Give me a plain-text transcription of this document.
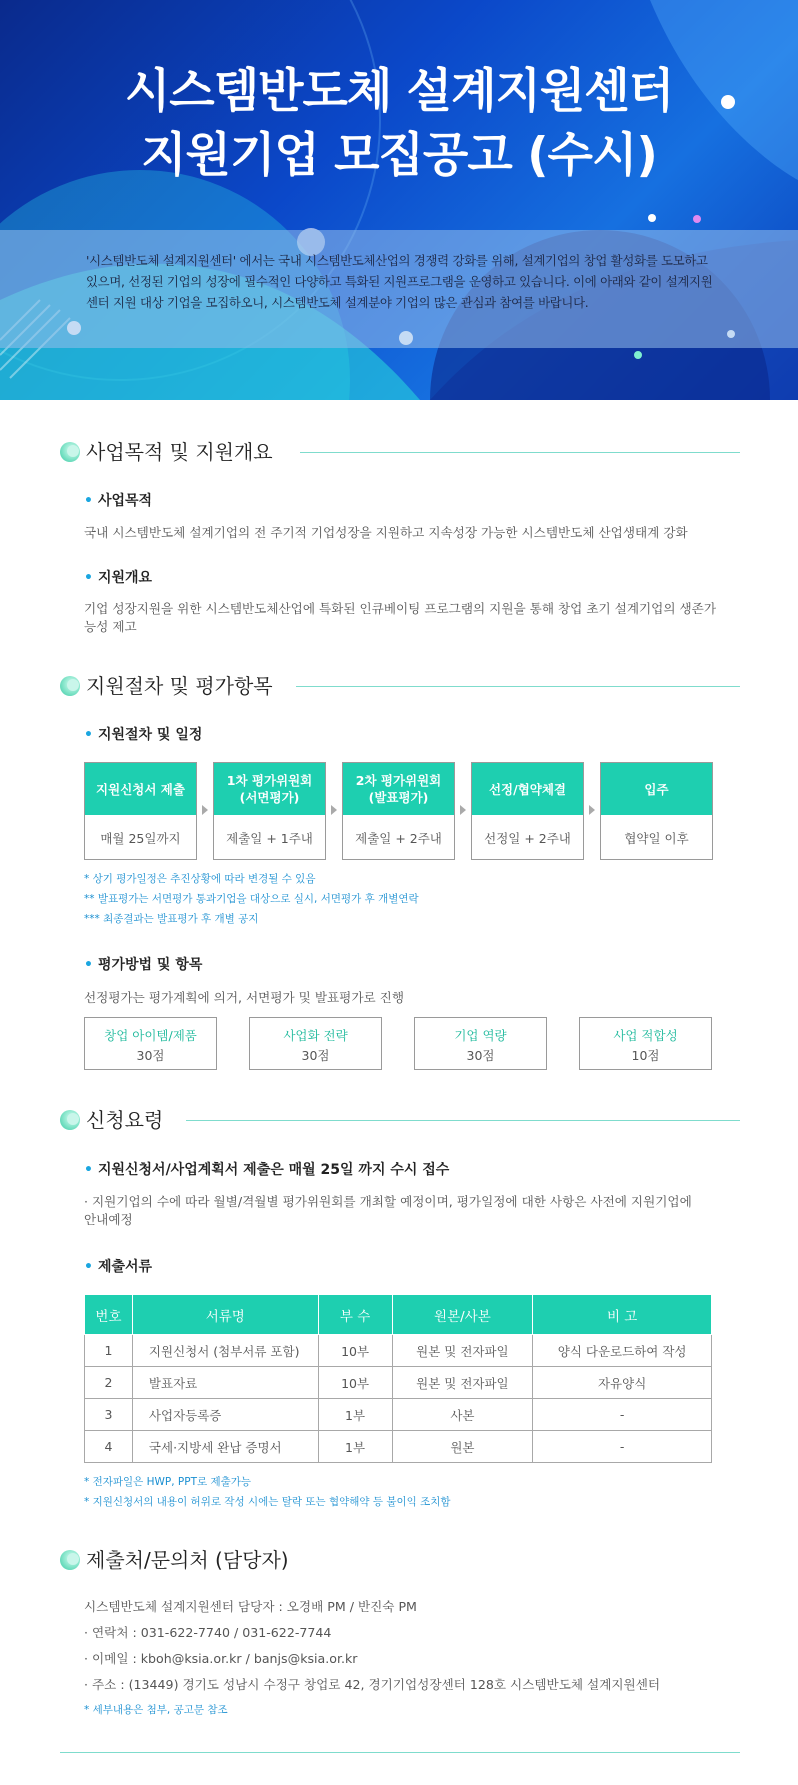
시스템반도체 설계지원센터
지원기업 모집공고 (수시)
'시스템반도체 설계지원센터' 에서는 국내 시스템반도체산업의 경쟁력 강화를 위해, 설계기업의 창업 활성화를 도모하고 있으며, 선정된 기업의 성장에 필수적인 다양하고 특화된 지원프로그램을 운영하고 있습니다. 이에 아래와 같이 설계지원센터 지원 대상 기업을 모집하오니, 시스템반도체 설계분야 기업의 많은 관심과 참여를 바랍니다.
사업목적 및 지원개요
• 사업목적
국내 시스템반도체 설계기업의 전 주기적 기업성장을 지원하고 지속성장 가능한 시스템반도체 산업생태계 강화
• 지원개요
기업 성장지원을 위한 시스템반도체산업에 특화된 인큐베이팅 프로그램의 지원을 통해 창업 초기 설계기업의 생존가능성 제고
지원절차 및 평가항목
• 지원절차 및 일정
지원신청서 제출
매월 25일까지
1차 평가위원회
(서면평가)
제출일 + 1주내
2차 평가위원회
(발표평가)
제출일 + 2주내
선정/협약체결
선정일 + 2주내
입주
협약일 이후
* 상기 평가일정은 추진상황에 따라 변경될 수 있음
** 발표평가는 서면평가 통과기업을 대상으로 실시, 서면평가 후 개별연락
*** 최종결과는 발표평가 후 개별 공지
• 평가방법 및 항목
선정평가는 평가계획에 의거, 서면평가 및 발표평가로 진행
창업 아이템/제품
30점
사업화 전략
30점
기업 역량
30점
사업 적합성
10점
신청요령
• 지원신청서/사업계획서 제출은 매월 25일 까지 수시 접수
· 지원기업의 수에 따라 월별/격월별 평가위원회를 개최할 예정이며, 평가일정에 대한 사항은 사전에 지원기업에
안내예정
• 제출서류
번호	서류명	부 수	원본/사본	비 고
1	지원신청서 (첨부서류 포함)	10부	원본 및 전자파일	양식 다운로드하여 작성
2	발표자료	10부	원본 및 전자파일	자유양식
3	사업자등록증	1부	사본	-
4	국세·지방세 완납 증명서	1부	원본	-
* 전자파일은 HWP, PPT로 제출가능
* 지원신청서의 내용이 허위로 작성 시에는 탈락 또는 협약해약 등 불이익 조치함
제출처/문의처 (담당자)
시스템반도체 설계지원센터 담당자 : 오경배 PM / 반진숙 PM
· 연락처 : 031-622-7740 / 031-622-7744
· 이메일 : kboh@ksia.or.kr / banjs@ksia.or.kr
· 주소 : (13449) 경기도 성남시 수정구 창업로 42, 경기기업성장센터 128호 시스템반도체 설계지원센터
* 세부내용은 첨부, 공고문 참조
